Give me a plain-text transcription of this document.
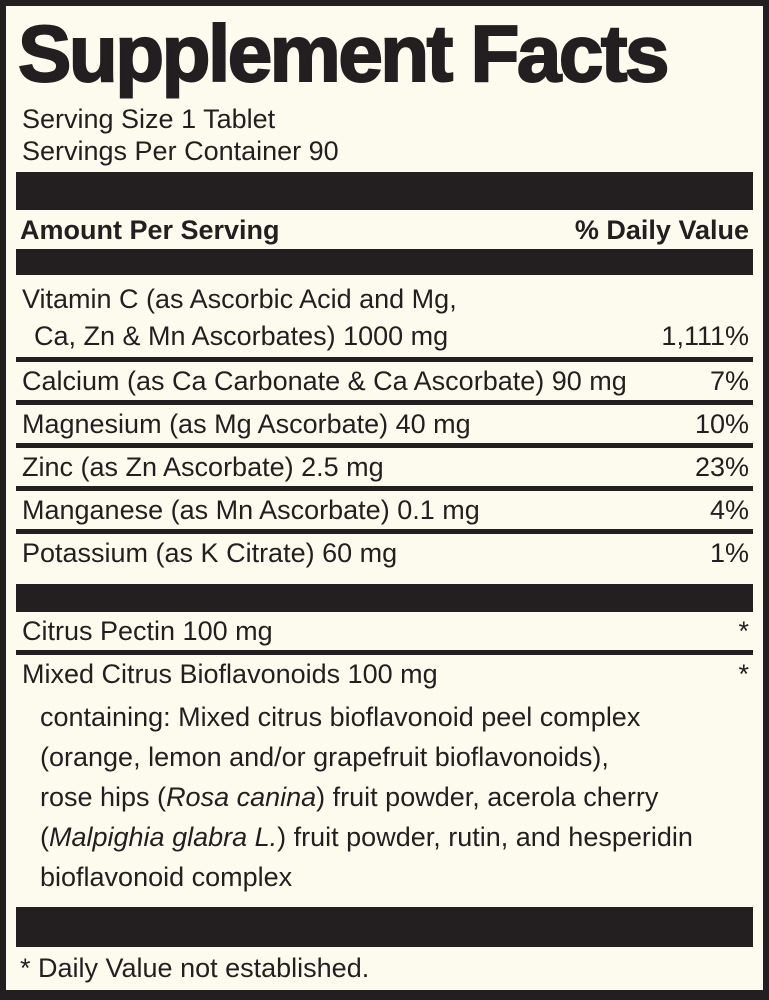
Supplement Facts
Serving Size 1 Tablet
Servings Per Container 90
Amount Per Serving	% Daily Value
Vitamin C (as Ascorbic Acid and Mg,
Ca, Zn & Mn Ascorbates) 1000 mg	1,111%
Calcium (as Ca Carbonate & Ca Ascorbate) 90 mg	7%
Magnesium (as Mg Ascorbate) 40 mg	10%
Zinc (as Zn Ascorbate) 2.5 mg	23%
Manganese (as Mn Ascorbate) 0.1 mg	4%
Potassium (as K Citrate) 60 mg	1%
Citrus Pectin 100 mg	*
Mixed Citrus Bioflavonoids 100 mg	*
containing: Mixed citrus bioflavonoid peel complex
(orange, lemon and/or grapefruit bioflavonoids),
rose hips (Rosa canina) fruit powder, acerola cherry
(Malpighia glabra L.) fruit powder, rutin, and hesperidin
bioflavonoid complex
* Daily Value not established.
